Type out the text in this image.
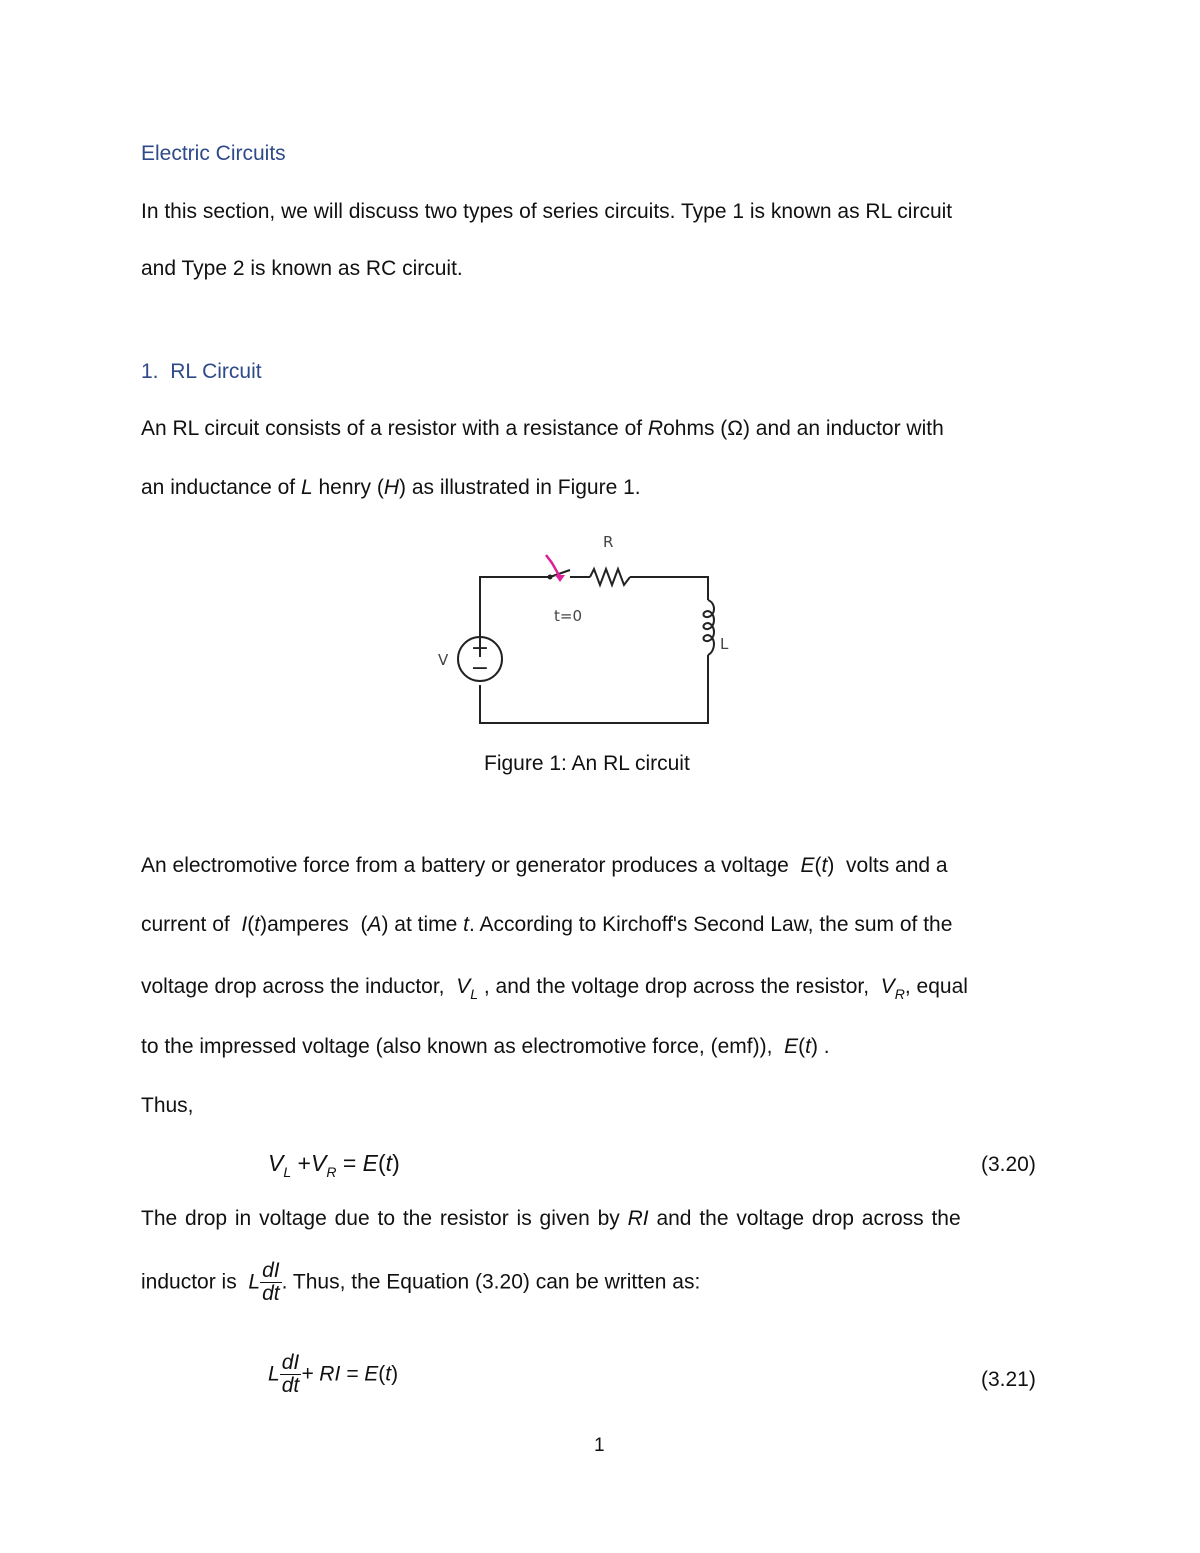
Electric Circuits
In this section, we will discuss two types of series circuits. Type 1 is known as RL circuit
and Type 2 is known as RC circuit.
1. RL Circuit
An RL circuit consists of a resistor with a resistance of Rohms (Ω) and an inductor with
an inductance of L henry (H) as illustrated in Figure 1.
+
−
R
L
V
t=0
Figure 1: An RL circuit
An electromotive force from a battery or generator produces a voltage E(t)  volts and a
current of I(t)amperes  (A) at time t. According to Kirchoff's Second Law, the sum of the
voltage drop across the inductor, $V_L$ , and the voltage drop across the resistor, $V_R$, equal
to the impressed voltage (also known as electromotive force, (emf)), E(t) .
Thus,
$V_L +V_R = E(t)$	(3.20)
The drop in voltage due to the resistor is given by RI and the voltage drop across the
inductor is L $\frac{dI}{dt}$ . Thus, the Equation (3.20) can be written as:
L $\frac{dI}{dt}$ + RI = E(t)	(3.21)
1
